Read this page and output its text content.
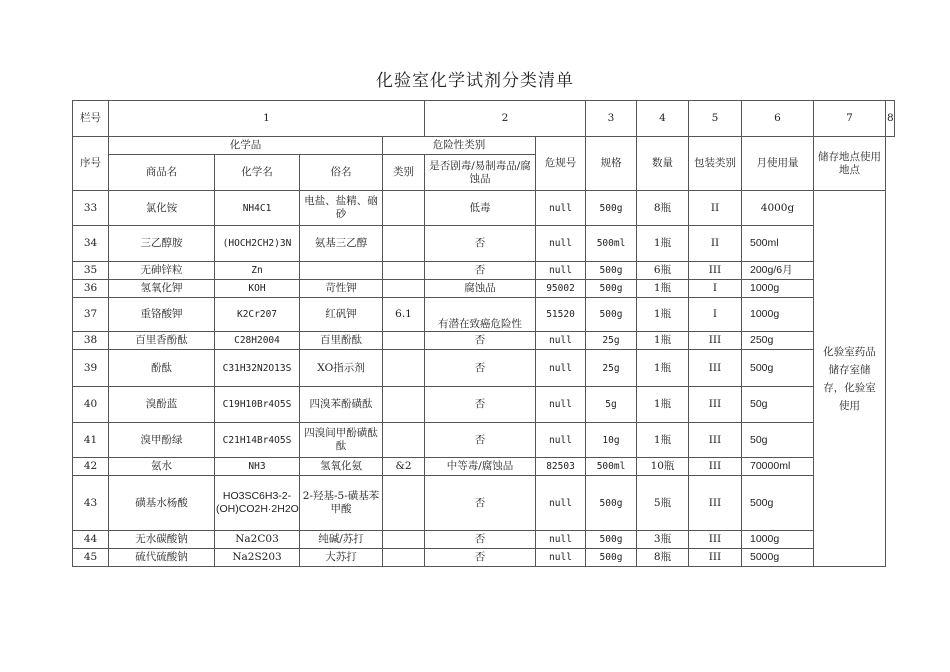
化验室化学试剂分类清单
栏号	1				2		3	4	5	6	7	8
序号	化学品			危险性类别		危规号	规格	数量	包装类别	月使用量	储存地点使用地点	
	商品名	化学名	俗名	类别	是否剧毒/易制毒品/腐蚀品							
33	氯化铵	NH4C1	电盐、盐精、硇砂		低毒	null	500g	8瓶	II	4000g	化验室药品储存室储存，化验室使用	
34	三乙醇胺	(HOCH2CH2)3N	氨基三乙醇		否	null	500ml	1瓶	II	500ml		
35	无砷锌粒	Zn			否	null	500g	6瓶	III	200g/6月		
36	氢氧化钾	KOH	苛性钾		腐蚀品	95002	500g	1瓶	I	1000g		
37	重铬酸钾	K2Cr207	红矾钾	6.1	有潜在致癌危险性	51520	500g	1瓶	I	1000g		
38	百里香酚酞	C28H2004	百里酚酞		否	null	25g	1瓶	III	250g		
39	酚酞	C31H32N2O13S	XO指示剂		否	null	25g	1瓶	III	500g		
40	溴酚蓝	C19H10Br4O5S	四溴苯酚磺酞		否	null	5g	1瓶	III	50g		
41	溴甲酚绿	C21H14Br4O5S	四溴间甲酚磺酞酞		否	null	10g	1瓶	III	50g		
42	氨水	NH3	氢氧化氨	&2	中等毒/腐蚀品	82503	500ml	10瓶	III	70000ml		
43	磺基水杨酸	HO3SC6H3-2-(OH)CO2H·2H2O	2-羟基-5-磺基苯甲酸		否	null	500g	5瓶	III	500g		
44	无水碳酸钠	Na2C03	纯碱/苏打		否	null	500g	3瓶	III	1000g		
45	硫代硫酸钠	Na2S203	大苏打		否	null	500g	8瓶	III	5000g		
